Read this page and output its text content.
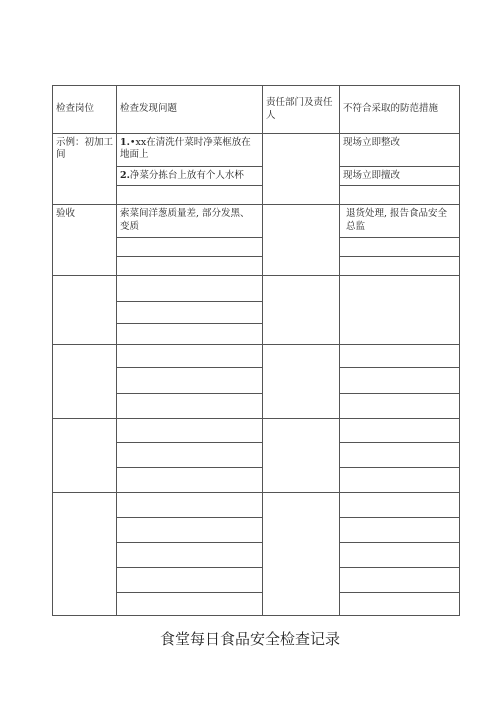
检查岗位	检查发现问题	责任部门及责任人	不符合采取的防范措施
示例：初加工间	1.•xx在清洗什菜时净菜框放在地面上		现场立即整改
	2.净菜分拣台上放有个人水杯		现场立即擅改

验收	索菜间洋葱质量差, 部分发黑、变质		退货处理, 报告食品安全总监

食堂每日食品安全检查记录
